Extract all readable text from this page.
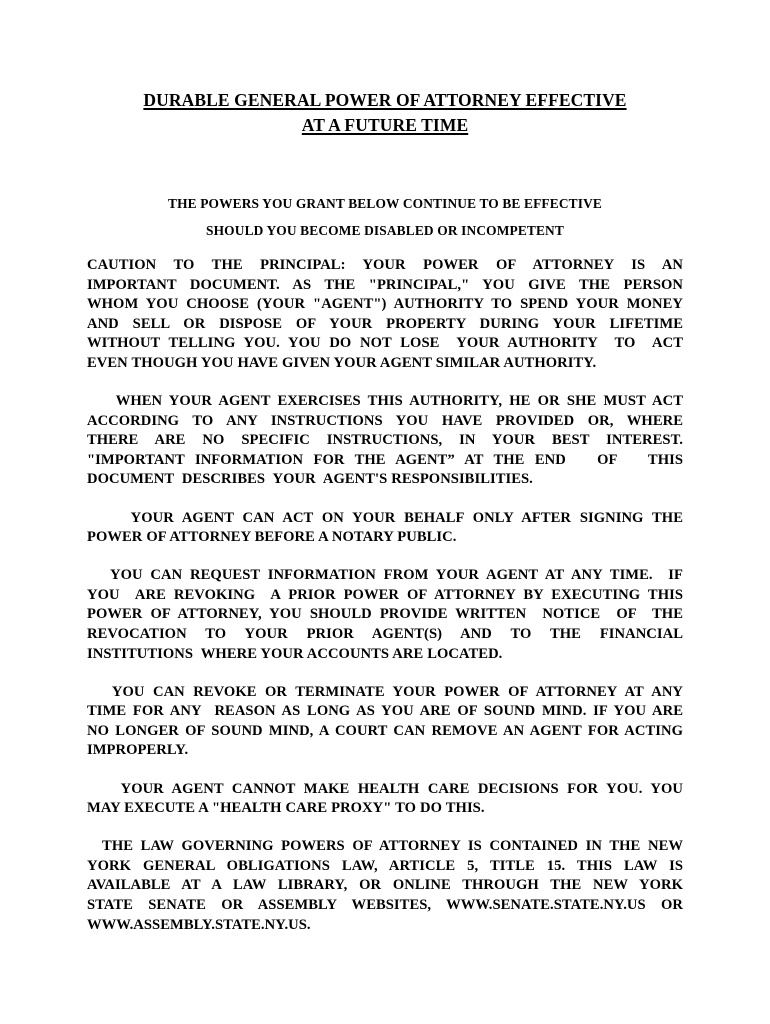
DURABLE GENERAL POWER OF ATTORNEY EFFECTIVE
AT A FUTURE TIME

THE POWERS YOU GRANT BELOW CONTINUE TO BE EFFECTIVE

SHOULD YOU BECOME DISABLED OR INCOMPETENT

CAUTION TO THE PRINCIPAL: YOUR POWER OF ATTORNEY IS AN
IMPORTANT DOCUMENT. AS THE "PRINCIPAL," YOU GIVE THE PERSON
WHOM YOU CHOOSE (YOUR "AGENT") AUTHORITY TO SPEND YOUR MONEY
AND SELL OR DISPOSE OF YOUR PROPERTY DURING YOUR LIFETIME
WITHOUT TELLING YOU. YOU DO NOT LOSE  YOUR AUTHORITY  TO  ACT
EVEN THOUGH YOU HAVE GIVEN YOUR AGENT SIMILAR AUTHORITY.

WHEN YOUR AGENT EXERCISES THIS AUTHORITY, HE OR SHE MUST ACT
ACCORDING TO ANY INSTRUCTIONS YOU HAVE PROVIDED OR, WHERE
THERE ARE NO SPECIFIC INSTRUCTIONS, IN YOUR BEST INTEREST.
"IMPORTANT INFORMATION FOR THE AGENT” AT THE END   OF   THIS
DOCUMENT  DESCRIBES  YOUR  AGENT'S RESPONSIBILITIES.

YOUR AGENT CAN ACT ON YOUR BEHALF ONLY AFTER SIGNING THE
POWER OF ATTORNEY BEFORE A NOTARY PUBLIC.

YOU CAN REQUEST INFORMATION FROM YOUR AGENT AT ANY TIME.  IF
YOU  ARE REVOKING  A PRIOR POWER OF ATTORNEY BY EXECUTING THIS
POWER OF ATTORNEY, YOU SHOULD PROVIDE WRITTEN  NOTICE  OF  THE
REVOCATION TO YOUR PRIOR AGENT(S) AND TO THE FINANCIAL
INSTITUTIONS  WHERE YOUR ACCOUNTS ARE LOCATED.

YOU CAN REVOKE OR TERMINATE YOUR POWER OF ATTORNEY AT ANY
TIME FOR ANY  REASON AS LONG AS YOU ARE OF SOUND MIND. IF YOU ARE
NO LONGER OF SOUND MIND, A COURT CAN REMOVE AN AGENT FOR ACTING
IMPROPERLY.

YOUR AGENT CANNOT MAKE HEALTH CARE DECISIONS FOR YOU. YOU
MAY EXECUTE A "HEALTH CARE PROXY" TO DO THIS.

THE LAW GOVERNING POWERS OF ATTORNEY IS CONTAINED IN THE NEW
YORK GENERAL OBLIGATIONS LAW, ARTICLE 5, TITLE 15. THIS LAW IS
AVAILABLE AT A LAW LIBRARY, OR ONLINE THROUGH THE NEW YORK
STATE SENATE OR ASSEMBLY WEBSITES, WWW.SENATE.STATE.NY.US OR
WWW.ASSEMBLY.STATE.NY.US.
